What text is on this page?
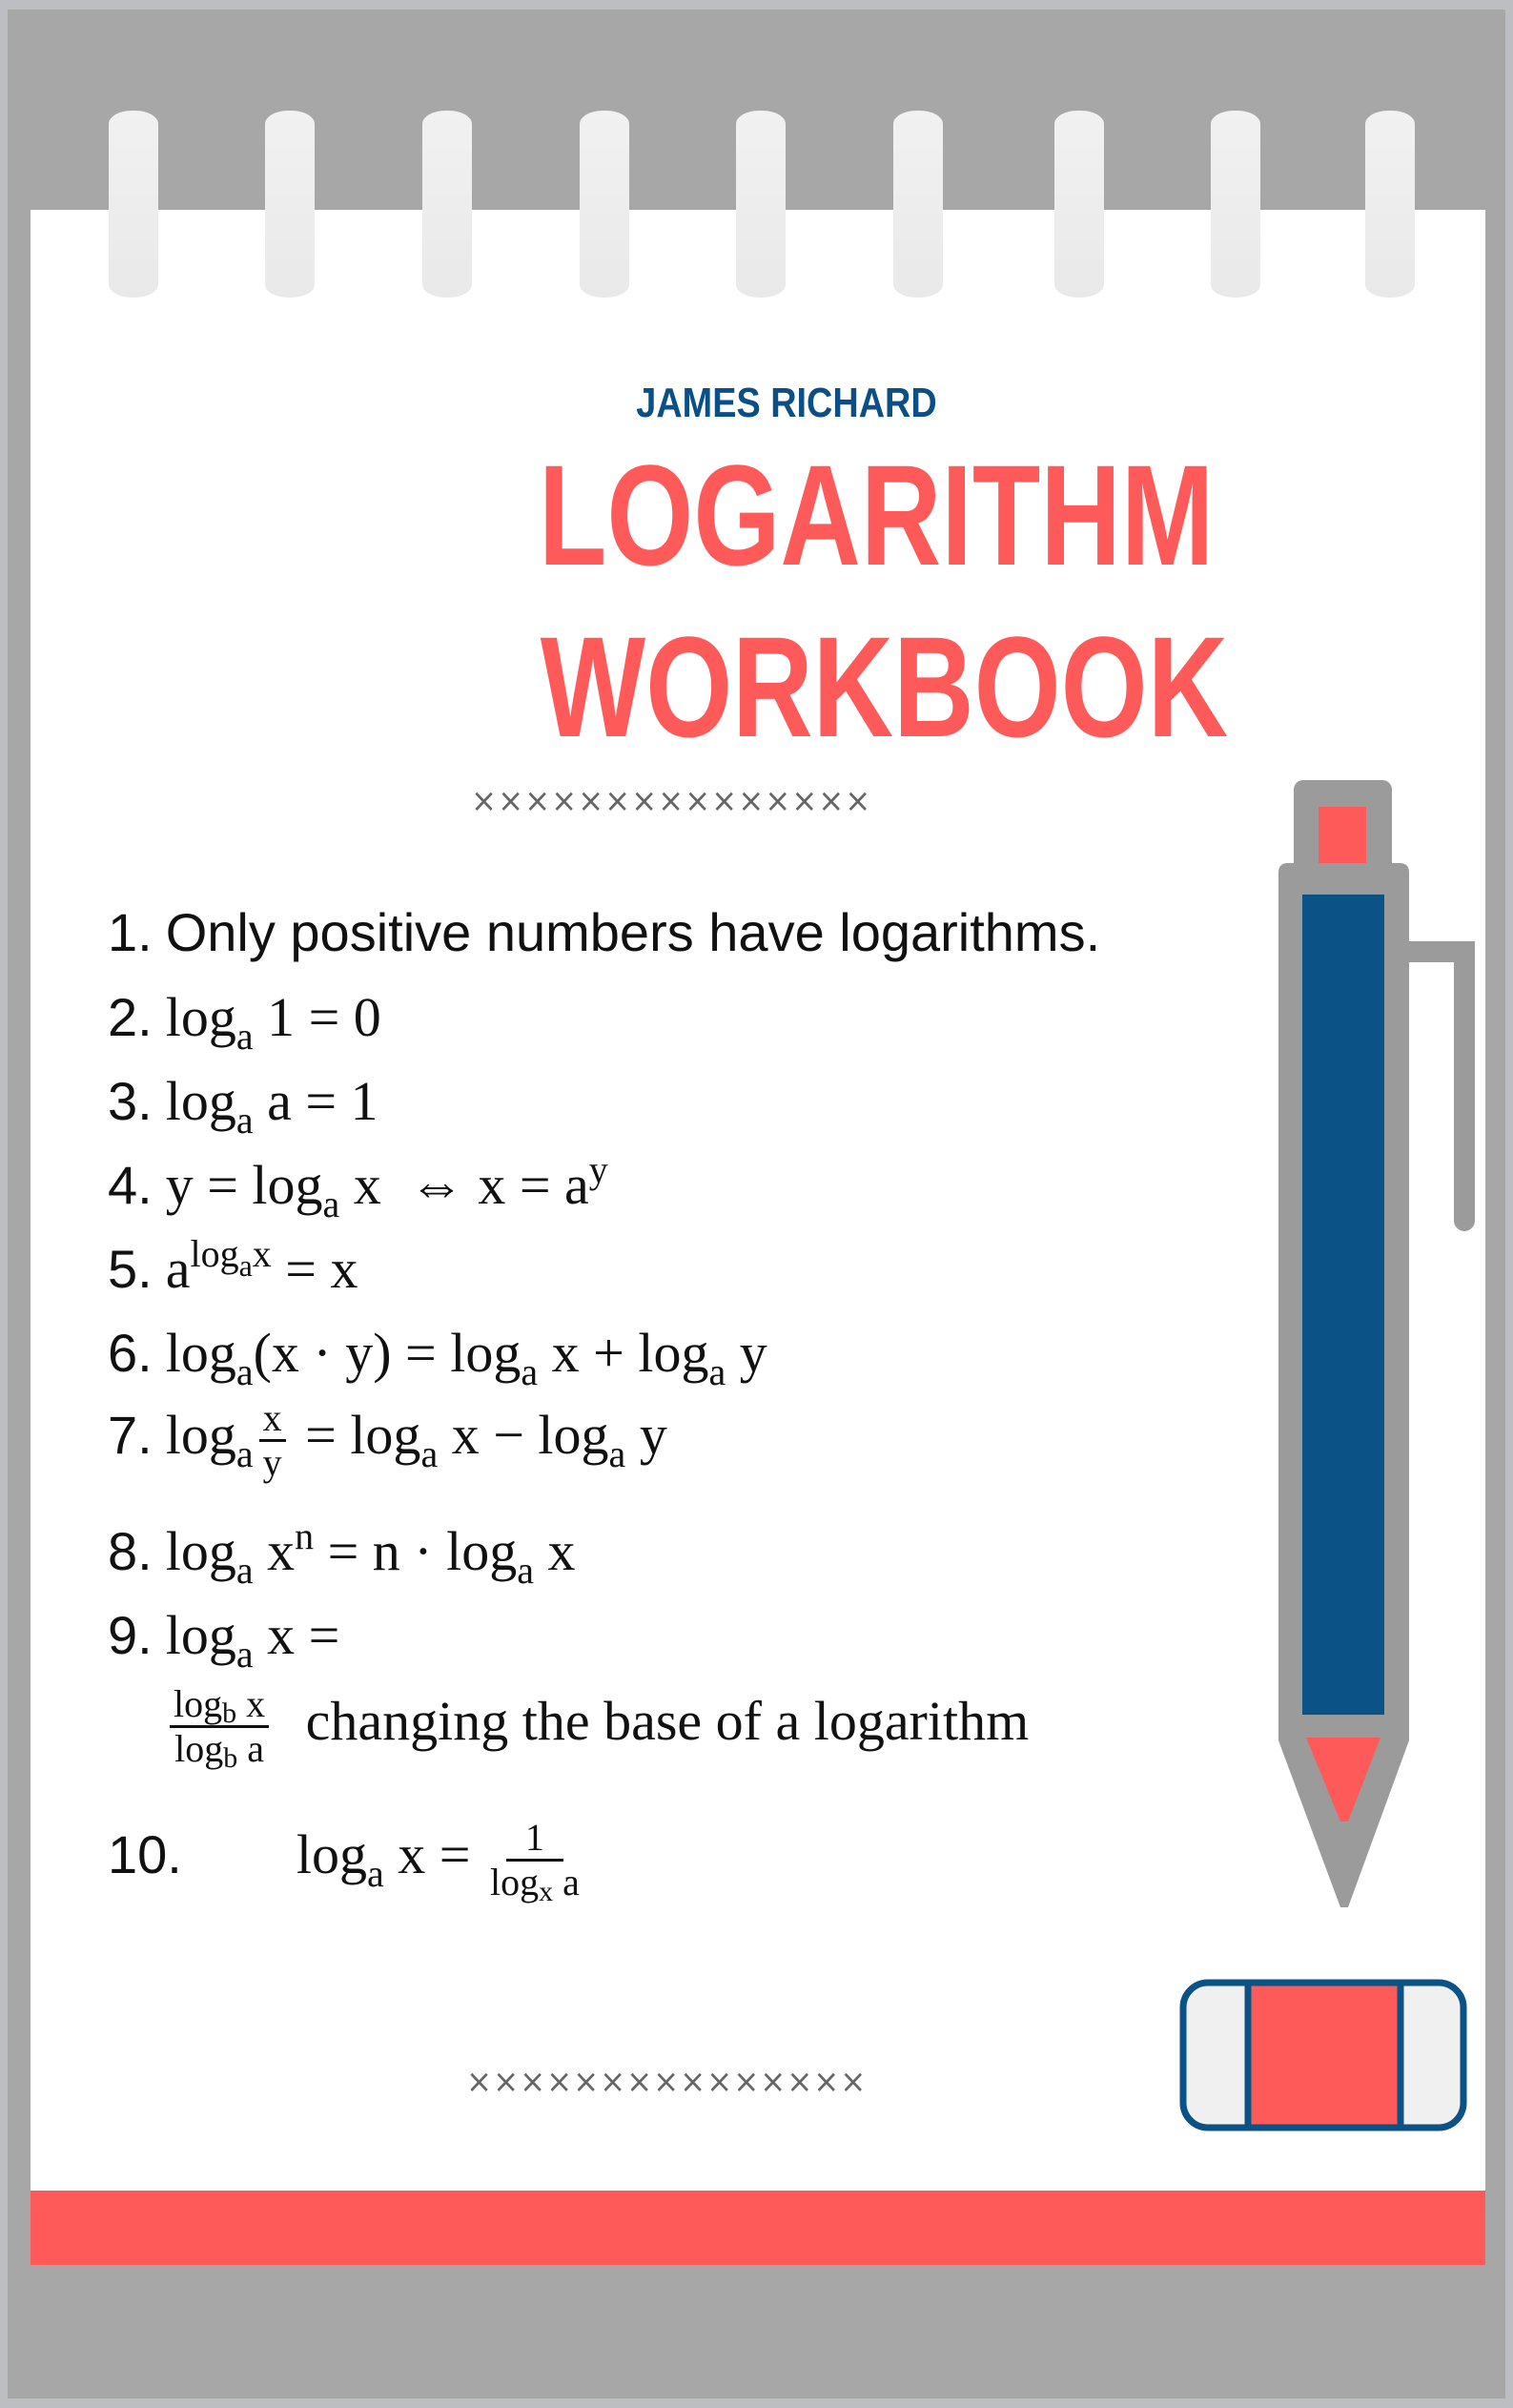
JAMES RICHARD
LOGARITHM
WORKBOOK
×××××××××××××××
×××××××××××××××
1. Only positive numbers have logarithms.
2. $\log_a 1 = 0$
3. $\log_a a = 1$
4. $y = \log_a x$  ⇔ $x = a^y$
5. $a^{log_ax} = x$
6. $\log_a(x \cdot y) = \log_a x + \log_a y$
7. $\log_a \frac{x}{y} = \log_a x - \log_a y$
8. $\log_a x^n = n \cdot \log_a x$
9. $\log_a x$ =
$\frac{\log_b x}{\log_b a}$ changing the base of a logarithm
10. $\log_a x = \frac{1}{\log_x a}$
